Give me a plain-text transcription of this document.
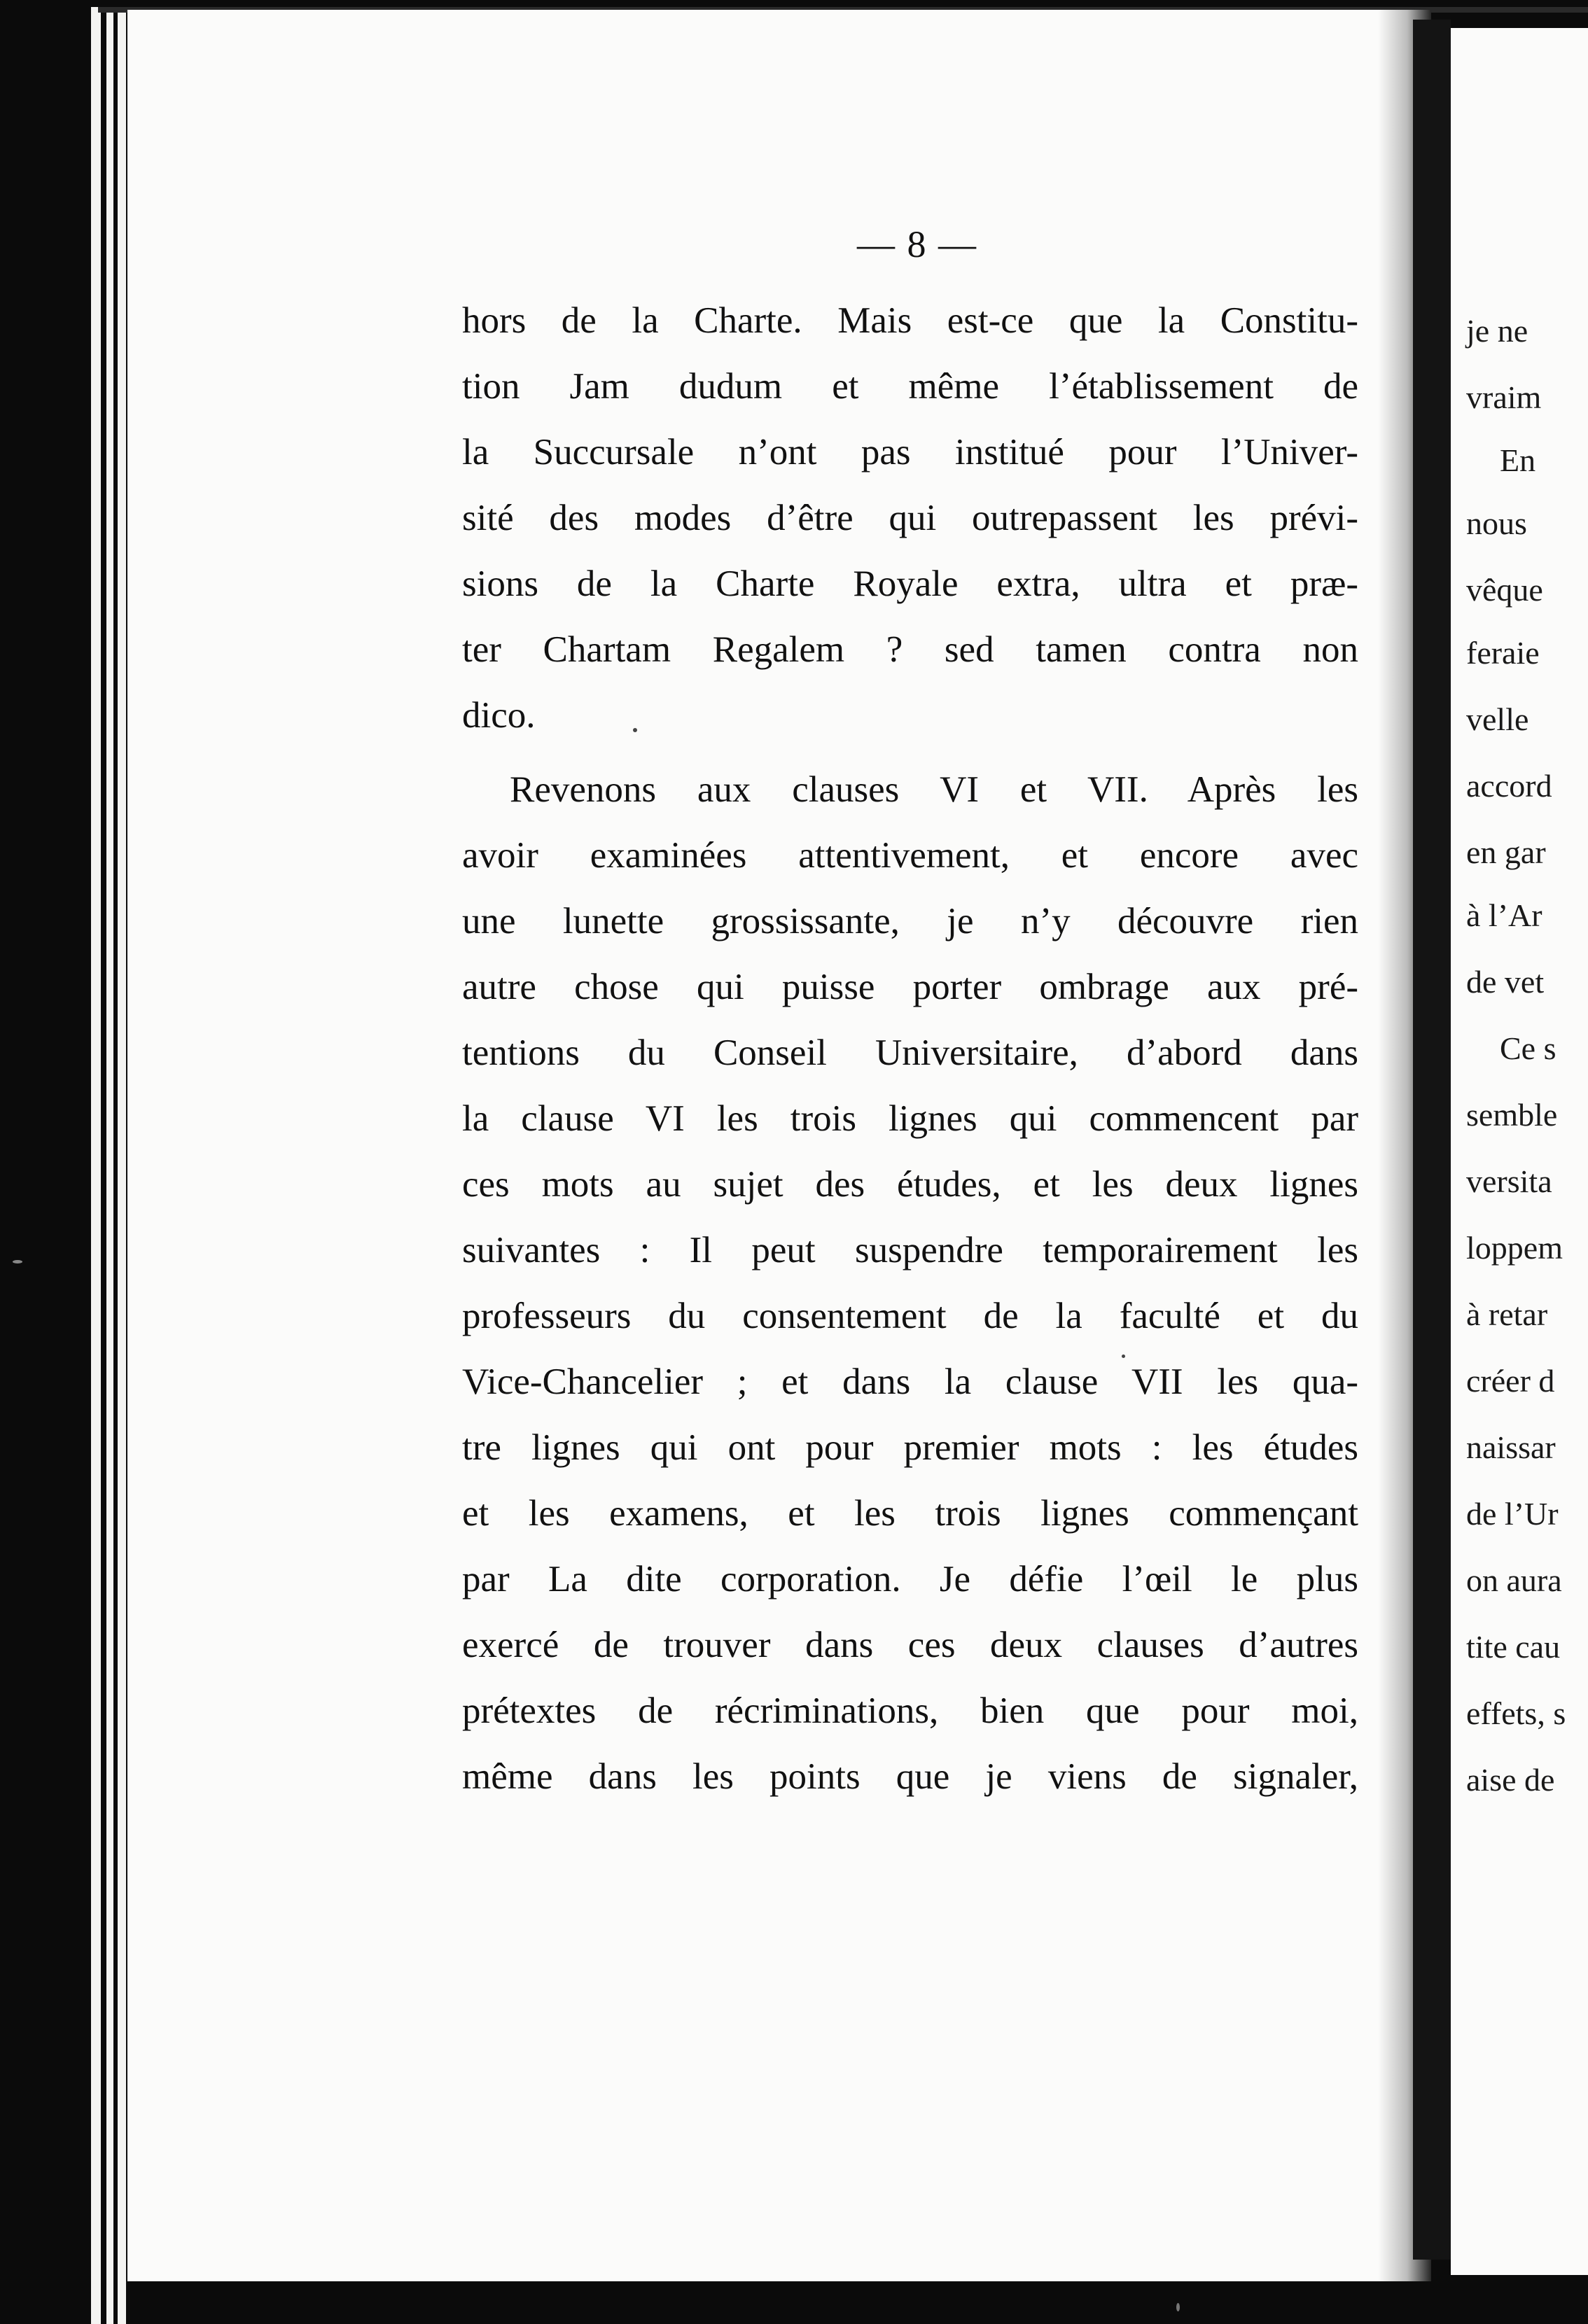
je ne
vraim
En
nous
vêque
feraie
velle
accord
en gar
à l’Ar
de vet
Ce s
semble
versita
loppem
à retar
créer d
naissar
de l’Ur
on aura
tite cau
effets, s
aise de
— 8 —
hors de la Charte. Mais est-ce que la Constitu-
tion Jam dudum et même l’établissement de
la Succursale n’ont pas institué pour l’Univer-
sité des modes d’être qui outrepassent les prévi-
sions de la Charte Royale extra, ultra et præ-
ter Chartam Regalem ? sed tamen contra non
dico.
Revenons aux clauses VI et VII. Après les
avoir examinées attentivement, et encore avec
une lunette grossissante, je n’y découvre rien
autre chose qui puisse porter ombrage aux pré-
tentions du Conseil Universitaire, d’abord dans
la clause VI les trois lignes qui commencent par
ces mots au sujet des études, et les deux lignes
suivantes : Il peut suspendre temporairement les
professeurs du consentement de la faculté et du
Vice-Chancelier ; et dans la clause VII les qua-
tre lignes qui ont pour premier mots : les études
et les examens, et les trois lignes commençant
par La dite corporation. Je défie l’œil le plus
exercé de trouver dans ces deux clauses d’autres
prétextes de récriminations, bien que pour moi,
même dans les points que je viens de signaler,
